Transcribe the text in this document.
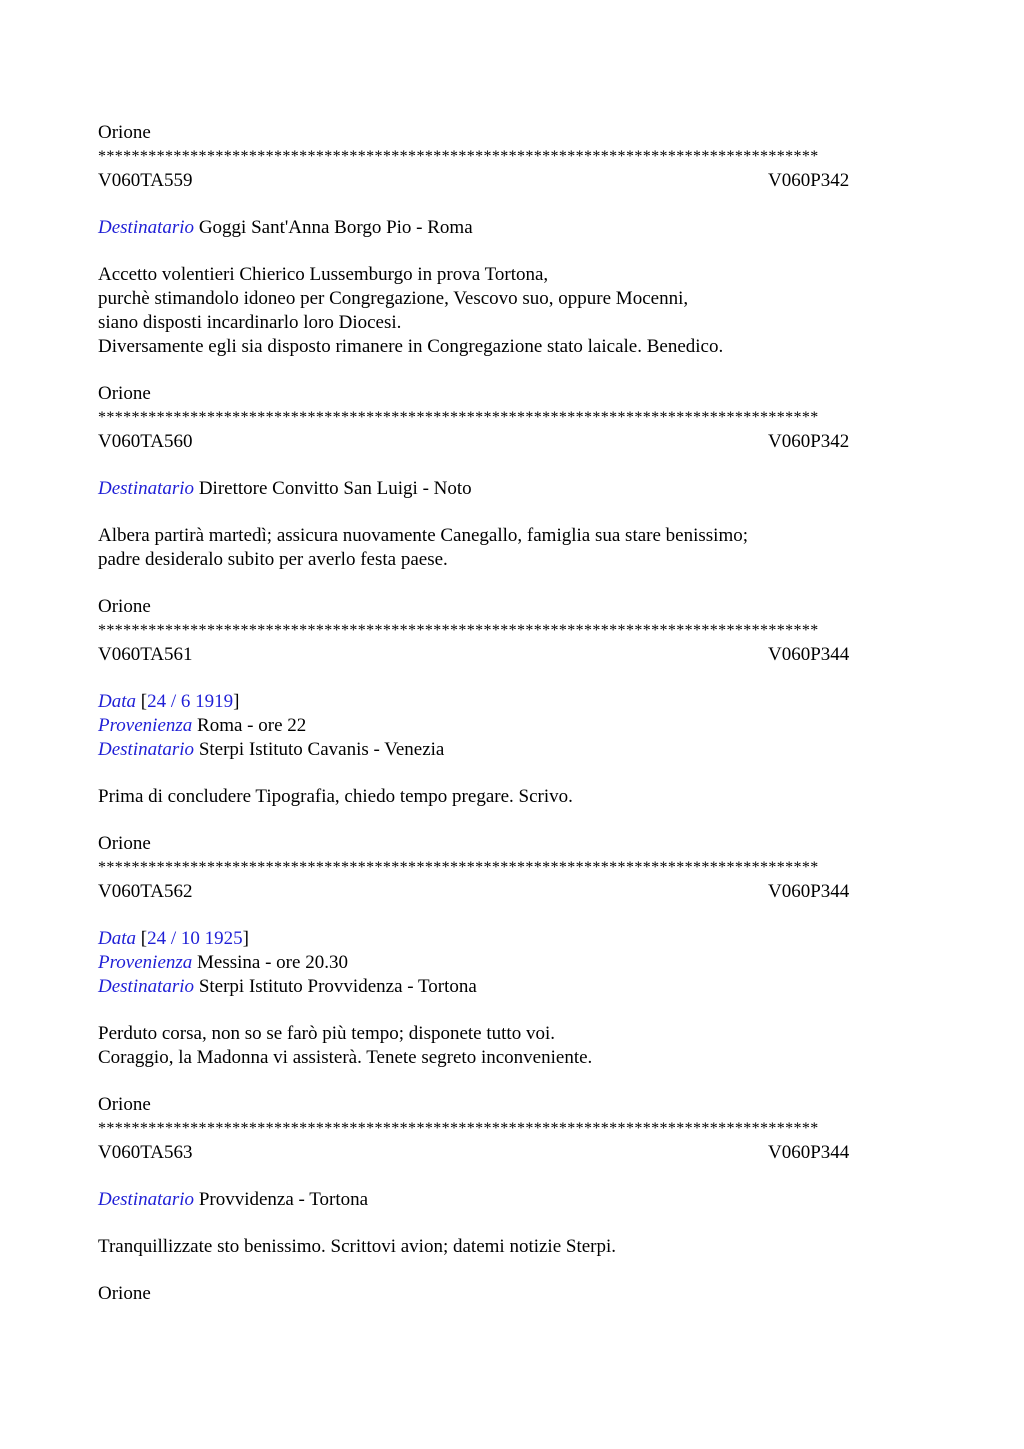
Orione
**************************************************************************************
V060TA559	V060P342
Destinatario Goggi Sant'Anna Borgo Pio - Roma
Accetto volentieri Chierico Lussemburgo in prova Tortona,
purchè stimandolo idoneo per Congregazione, Vescovo suo, oppure Mocenni,
siano disposti incardinarlo loro Diocesi.
Diversamente egli sia disposto rimanere in Congregazione stato laicale. Benedico.
Orione
**************************************************************************************
V060TA560	V060P342
Destinatario Direttore Convitto San Luigi - Noto
Albera partirà martedì; assicura nuovamente Canegallo, famiglia sua stare benissimo;
padre desideralo subito per averlo festa paese.
Orione
**************************************************************************************
V060TA561	V060P344
Data [24 / 6 1919]
Provenienza Roma - ore 22
Destinatario Sterpi Istituto Cavanis - Venezia
Prima di concludere Tipografia, chiedo tempo pregare. Scrivo.
Orione
**************************************************************************************
V060TA562	V060P344
Data [24 / 10 1925]
Provenienza Messina - ore 20.30
Destinatario Sterpi Istituto Provvidenza - Tortona
Perduto corsa, non so se farò più tempo; disponete tutto voi.
Coraggio, la Madonna vi assisterà. Tenete segreto inconveniente.
Orione
**************************************************************************************
V060TA563	V060P344
Destinatario Provvidenza - Tortona
Tranquillizzate sto benissimo. Scrittovi avion; datemi notizie Sterpi.
Orione
